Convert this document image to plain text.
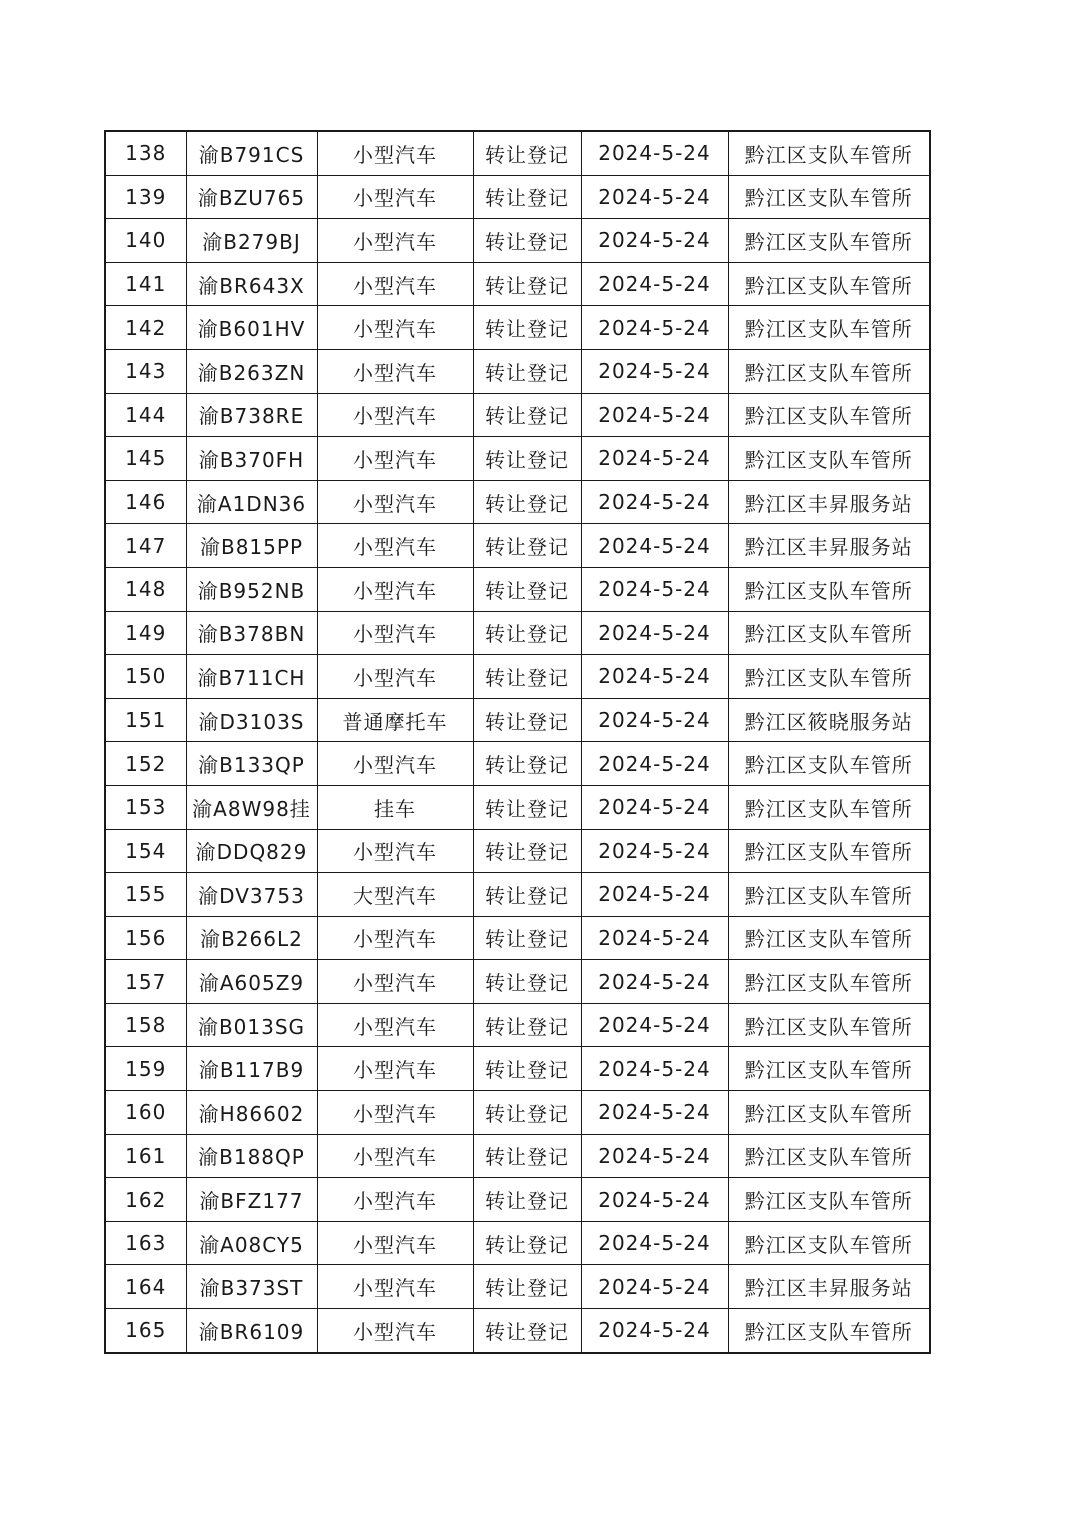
138	渝B791CS	小型汽车	转让登记	2024-5-24	黔江区支队车管所
139	渝BZU765	小型汽车	转让登记	2024-5-24	黔江区支队车管所
140	渝B279BJ	小型汽车	转让登记	2024-5-24	黔江区支队车管所
141	渝BR643X	小型汽车	转让登记	2024-5-24	黔江区支队车管所
142	渝B601HV	小型汽车	转让登记	2024-5-24	黔江区支队车管所
143	渝B263ZN	小型汽车	转让登记	2024-5-24	黔江区支队车管所
144	渝B738RE	小型汽车	转让登记	2024-5-24	黔江区支队车管所
145	渝B370FH	小型汽车	转让登记	2024-5-24	黔江区支队车管所
146	渝A1DN36	小型汽车	转让登记	2024-5-24	黔江区丰昇服务站
147	渝B815PP	小型汽车	转让登记	2024-5-24	黔江区丰昇服务站
148	渝B952NB	小型汽车	转让登记	2024-5-24	黔江区支队车管所
149	渝B378BN	小型汽车	转让登记	2024-5-24	黔江区支队车管所
150	渝B711CH	小型汽车	转让登记	2024-5-24	黔江区支队车管所
151	渝D3103S	普通摩托车	转让登记	2024-5-24	黔江区筱晓服务站
152	渝B133QP	小型汽车	转让登记	2024-5-24	黔江区支队车管所
153	渝A8W98挂	挂车	转让登记	2024-5-24	黔江区支队车管所
154	渝DDQ829	小型汽车	转让登记	2024-5-24	黔江区支队车管所
155	渝DV3753	大型汽车	转让登记	2024-5-24	黔江区支队车管所
156	渝B266L2	小型汽车	转让登记	2024-5-24	黔江区支队车管所
157	渝A605Z9	小型汽车	转让登记	2024-5-24	黔江区支队车管所
158	渝B013SG	小型汽车	转让登记	2024-5-24	黔江区支队车管所
159	渝B117B9	小型汽车	转让登记	2024-5-24	黔江区支队车管所
160	渝H86602	小型汽车	转让登记	2024-5-24	黔江区支队车管所
161	渝B188QP	小型汽车	转让登记	2024-5-24	黔江区支队车管所
162	渝BFZ177	小型汽车	转让登记	2024-5-24	黔江区支队车管所
163	渝A08CY5	小型汽车	转让登记	2024-5-24	黔江区支队车管所
164	渝B373ST	小型汽车	转让登记	2024-5-24	黔江区丰昇服务站
165	渝BR6109	小型汽车	转让登记	2024-5-24	黔江区支队车管所
